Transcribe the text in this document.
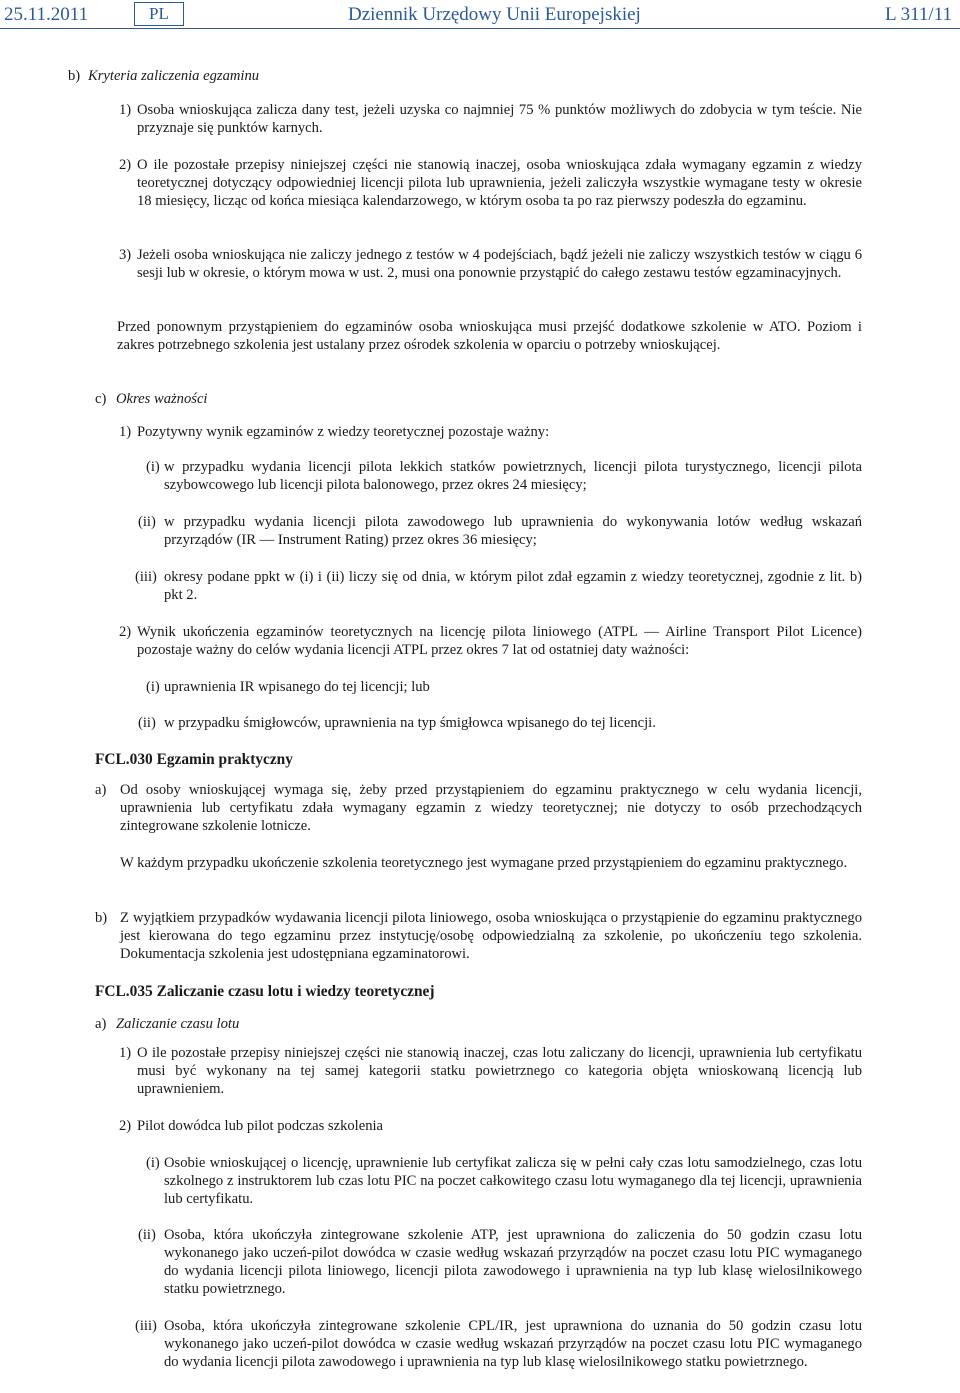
25.11.2011	PL	Dziennik Urzędowy Unii Europejskiej	L 311/11
b) Kryteria zaliczenia egzaminu
1) Osoba wnioskująca zalicza dany test, jeżeli uzyska co najmniej 75 % punktów możliwych do zdobycia w tym teście. Nie przyznaje się punktów karnych.
2) O ile pozostałe przepisy niniejszej części nie stanowią inaczej, osoba wnioskująca zdała wymagany egzamin z wiedzy teoretycznej dotyczący odpowiedniej licencji pilota lub uprawnienia, jeżeli zaliczyła wszystkie wymagane testy w okresie 18 miesięcy, licząc od końca miesiąca kalendarzowego, w którym osoba ta po raz pierwszy podeszła do egzaminu.
3) Jeżeli osoba wnioskująca nie zaliczy jednego z testów w 4 podejściach, bądź jeżeli nie zaliczy wszystkich testów w ciągu 6 sesji lub w okresie, o którym mowa w ust. 2, musi ona ponownie przystąpić do całego zestawu testów egzaminacyjnych.
Przed ponownym przystąpieniem do egzaminów osoba wnioskująca musi przejść dodatkowe szkolenie w ATO. Poziom i zakres potrzebnego szkolenia jest ustalany przez ośrodek szkolenia w oparciu o potrzeby wnioskującej.
c) Okres ważności
1) Pozytywny wynik egzaminów z wiedzy teoretycznej pozostaje ważny:
(i) w przypadku wydania licencji pilota lekkich statków powietrznych, licencji pilota turystycznego, licencji pilota szybowcowego lub licencji pilota balonowego, przez okres 24 miesięcy;
(ii) w przypadku wydania licencji pilota zawodowego lub uprawnienia do wykonywania lotów według wskazań przyrządów (IR — Instrument Rating) przez okres 36 miesięcy;
(iii) okresy podane ppkt w (i) i (ii) liczy się od dnia, w którym pilot zdał egzamin z wiedzy teoretycznej, zgodnie z lit. b) pkt 2.
2) Wynik ukończenia egzaminów teoretycznych na licencję pilota liniowego (ATPL — Airline Transport Pilot Licence) pozostaje ważny do celów wydania licencji ATPL przez okres 7 lat od ostatniej daty ważności:
(i) uprawnienia IR wpisanego do tej licencji; lub
(ii) w przypadku śmigłowców, uprawnienia na typ śmigłowca wpisanego do tej licencji.
FCL.030 Egzamin praktyczny
a) Od osoby wnioskującej wymaga się, żeby przed przystąpieniem do egzaminu praktycznego w celu wydania licencji, uprawnienia lub certyfikatu zdała wymagany egzamin z wiedzy teoretycznej; nie dotyczy to osób przechodzących zintegrowane szkolenie lotnicze.
W każdym przypadku ukończenie szkolenia teoretycznego jest wymagane przed przystąpieniem do egzaminu praktycznego.
b) Z wyjątkiem przypadków wydawania licencji pilota liniowego, osoba wnioskująca o przystąpienie do egzaminu praktycznego jest kierowana do tego egzaminu przez instytucję/osobę odpowiedzialną za szkolenie, po ukończeniu tego szkolenia. Dokumentacja szkolenia jest udostępniana egzaminatorowi.
FCL.035 Zaliczanie czasu lotu i wiedzy teoretycznej
a) Zaliczanie czasu lotu
1) O ile pozostałe przepisy niniejszej części nie stanowią inaczej, czas lotu zaliczany do licencji, uprawnienia lub certyfikatu musi być wykonany na tej samej kategorii statku powietrznego co kategoria objęta wnioskowaną licencją lub uprawnieniem.
2) Pilot dowódca lub pilot podczas szkolenia
(i) Osobie wnioskującej o licencję, uprawnienie lub certyfikat zalicza się w pełni cały czas lotu samodzielnego, czas lotu szkolnego z instruktorem lub czas lotu PIC na poczet całkowitego czasu lotu wymaganego dla tej licencji, uprawnienia lub certyfikatu.
(ii) Osoba, która ukończyła zintegrowane szkolenie ATP, jest uprawniona do zaliczenia do 50 godzin czasu lotu wykonanego jako uczeń-pilot dowódca w czasie według wskazań przyrządów na poczet czasu lotu PIC wymaganego do wydania licencji pilota liniowego, licencji pilota zawodowego i uprawnienia na typ lub klasę wielosilnikowego statku powietrznego.
(iii) Osoba, która ukończyła zintegrowane szkolenie CPL/IR, jest uprawniona do uznania do 50 godzin czasu lotu wykonanego jako uczeń-pilot dowódca w czasie według wskazań przyrządów na poczet czasu lotu PIC wymaganego do wydania licencji pilota zawodowego i uprawnienia na typ lub klasę wielosilnikowego statku powietrznego.
